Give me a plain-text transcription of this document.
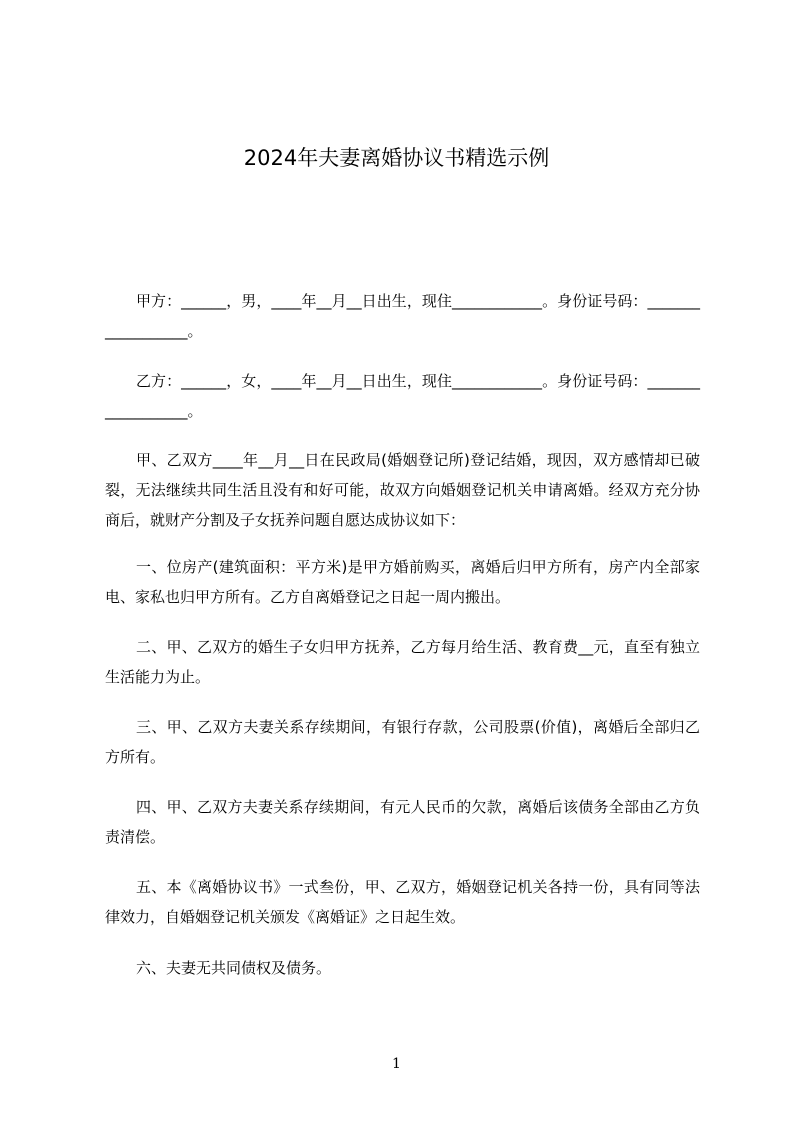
2024年夫妻离婚协议书精选示例

甲方：______，男，____年__月__日出生，现住____________。身份证号码：__________________。

乙方：______，女，____年__月__日出生，现住____________。身份证号码：__________________。

甲、乙双方____年__月__日在民政局(婚姻登记所)登记结婚，现因，双方感情却已破裂，无法继续共同生活且没有和好可能，故双方向婚姻登记机关申请离婚。经双方充分协商后，就财产分割及子女抚养问题自愿达成协议如下：

一、位房产(建筑面积：平方米)是甲方婚前购买，离婚后归甲方所有，房产内全部家电、家私也归甲方所有。乙方自离婚登记之日起一周内搬出。

二、甲、乙双方的婚生子女归甲方抚养，乙方每月给生活、教育费__元，直至有独立生活能力为止。

三、甲、乙双方夫妻关系存续期间，有银行存款，公司股票(价值)，离婚后全部归乙方所有。

四、甲、乙双方夫妻关系存续期间，有元人民币的欠款，离婚后该债务全部由乙方负责清偿。

五、本《离婚协议书》一式叁份，甲、乙双方，婚姻登记机关各持一份，具有同等法律效力，自婚姻登记机关颁发《离婚证》之日起生效。

六、夫妻无共同债权及债务。

1
